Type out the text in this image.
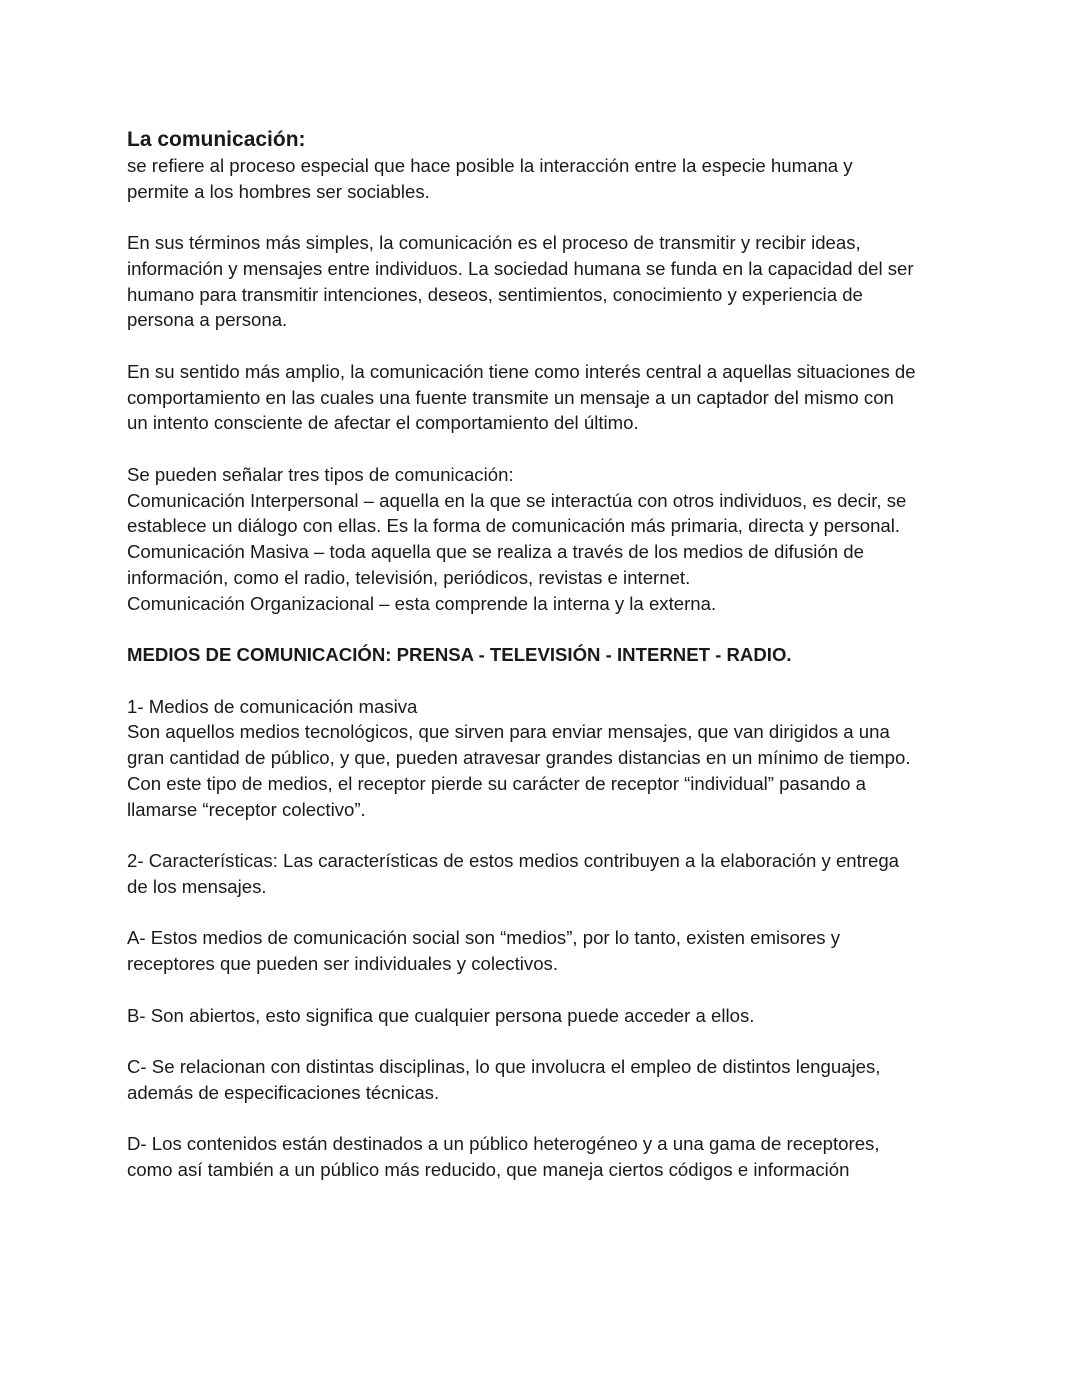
La comunicación:
se refiere al proceso especial que hace posible la interacción entre la especie humana y
permite a los hombres ser sociables.
En sus términos más simples, la comunicación es el proceso de transmitir y recibir ideas,
información y mensajes entre individuos. La sociedad humana se funda en la capacidad del ser
humano para transmitir intenciones, deseos, sentimientos, conocimiento y experiencia de
persona a persona.
En su sentido más amplio, la comunicación tiene como interés central a aquellas situaciones de
comportamiento en las cuales una fuente transmite un mensaje a un captador del mismo con
un intento consciente de afectar el comportamiento del último.
Se pueden señalar tres tipos de comunicación:
Comunicación Interpersonal – aquella en la que se interactúa con otros individuos, es decir, se
establece un diálogo con ellas. Es la forma de comunicación más primaria, directa y personal.
Comunicación Masiva – toda aquella que se realiza a través de los medios de difusión de
información, como el radio, televisión, periódicos, revistas e internet.
Comunicación Organizacional – esta comprende la interna y la externa.
MEDIOS DE COMUNICACIÓN: PRENSA - TELEVISIÓN - INTERNET - RADIO.
1- Medios de comunicación masiva
Son aquellos medios tecnológicos, que sirven para enviar mensajes, que van dirigidos a una
gran cantidad de público, y que, pueden atravesar grandes distancias en un mínimo de tiempo.
Con este tipo de medios, el receptor pierde su carácter de receptor “individual” pasando a
llamarse “receptor colectivo”.
2- Características: Las características de estos medios contribuyen a la elaboración y entrega
de los mensajes.
A- Estos medios de comunicación social son “medios”, por lo tanto, existen emisores y
receptores que pueden ser individuales y colectivos.
B- Son abiertos, esto significa que cualquier persona puede acceder a ellos.
C- Se relacionan con distintas disciplinas, lo que involucra el empleo de distintos lenguajes,
además de especificaciones técnicas.
D- Los contenidos están destinados a un público heterogéneo y a una gama de receptores,
como así también a un público más reducido, que maneja ciertos códigos e información
